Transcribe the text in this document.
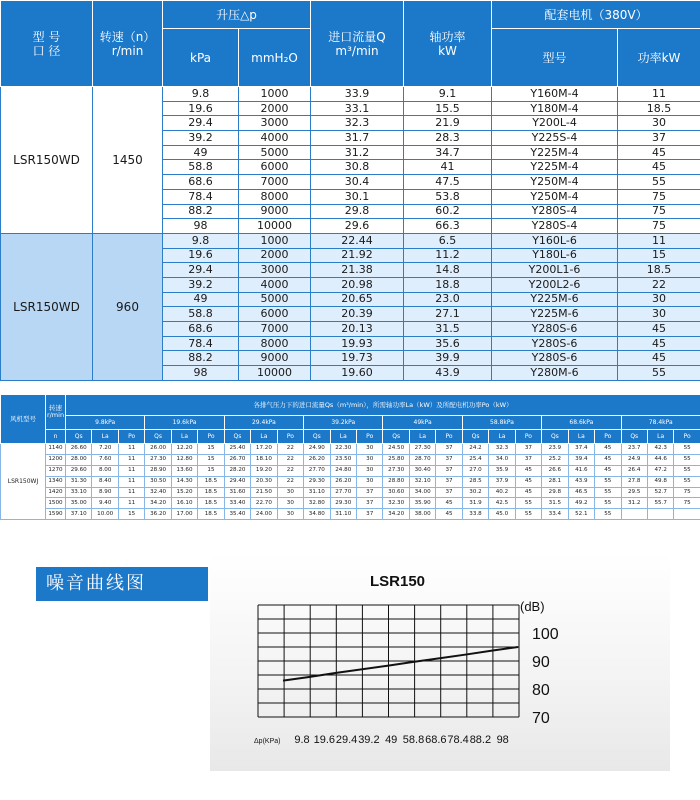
型 号
口 径	转速（n）
r/min	升压△p		进口流量Q
m³/min	轴功率
kW	配套电机（380V）	
		kPa	mmH₂O			型号	功率kW
LSR150WD	1450	9.8	1000	33.9	9.1	Y160M-4	11
		19.6	2000	33.1	15.5	Y180M-4	18.5
		29.4	3000	32.3	21.9	Y200L-4	30
		39.2	4000	31.7	28.3	Y225S-4	37
		49	5000	31.2	34.7	Y225M-4	45
		58.8	6000	30.8	41	Y225M-4	45
		68.6	7000	30.4	47.5	Y250M-4	55
		78.4	8000	30.1	53.8	Y250M-4	75
		88.2	9000	29.8	60.2	Y280S-4	75
		98	10000	29.6	66.3	Y280S-4	75
LSR150WD	960	9.8	1000	22.44	6.5	Y160L-6	11
		19.6	2000	21.92	11.2	Y180L-6	15
		29.4	3000	21.38	14.8	Y200L1-6	18.5
		39.2	4000	20.98	18.8	Y200L2-6	22
		49	5000	20.65	23.0	Y225M-6	30
		58.8	6000	20.39	27.1	Y225M-6	30
		68.6	7000	20.13	31.5	Y280S-6	45
		78.4	8000	19.93	35.6	Y280S-6	45
		88.2	9000	19.73	39.9	Y280S-6	45
		98	10000	19.60	43.9	Y280M-6	55
风机型号	转速
r/min	各排气压力下的进口流量Qs（m³/min），所需轴功率La（kW）及所配电机功率Po（kW）																								
		9.8kPa			19.6kPa			29.4kPa			39.2kPa			49kPa			58.8kPa			68.6kPa			78.4kPa			
	n	Qs	La	Po	Qs	La	Po	Qs	La	Po	Qs	La	Po	Qs	La	Po	Qs	La	Po	Qs	La	Po	Qs	La	Po	
LSR150WJ	1140	26.60	7.20	11	26.00	12.20	15	25.40	17.20	22	24.90	22.30	30	24.50	27.30	37	24.2	32.3	37	23.9	37.4	45	23.7	42.3	55						
	1200	28.00	7.60	11	27.30	12.80	15	26.70	18.10	22	26.20	23.50	30	25.80	28.70	37	25.4	34.0	37	25.2	39.4	45	24.9	44.6	55						
	1270	29.60	8.00	11	28.90	13.60	15	28.20	19.20	22	27.70	24.80	30	27.30	30.40	37	27.0	35.9	45	26.6	41.6	45	26.4	47.2	55						
	1340	31.30	8.40	11	30.50	14.30	18.5	29.40	20.30	22	29.30	26.20	30	28.80	32.10	37	28.5	37.9	45	28.1	43.9	55	27.8	49.8	55						
	1420	33.10	8.90	11	32.40	15.20	18.5	31.60	21.50	30	31.10	27.70	37	30.60	34.00	37	30.2	40.2	45	29.8	46.5	55	29.5	52.7	75						
	1500	35.00	9.40	11	34.20	16.10	18.5	33.40	22.70	30	32.80	29.30	37	32.30	35.90	45	31.9	42.5	55	31.5	49.2	55	31.2	55.7	75						
	1590	37.10	10.00	15	36.20	17.00	18.5	35.40	24.00	30	34.80	31.10	37	34.20	38.00	45	33.8	45.0	55	33.4	52.1	55									
噪音曲线图	LSR150
(dB)
100
90
80
70
9.8 19.6 29.4 39.2 49 58.8 68.6 78.4 88.2 98
Δp(KPa)
